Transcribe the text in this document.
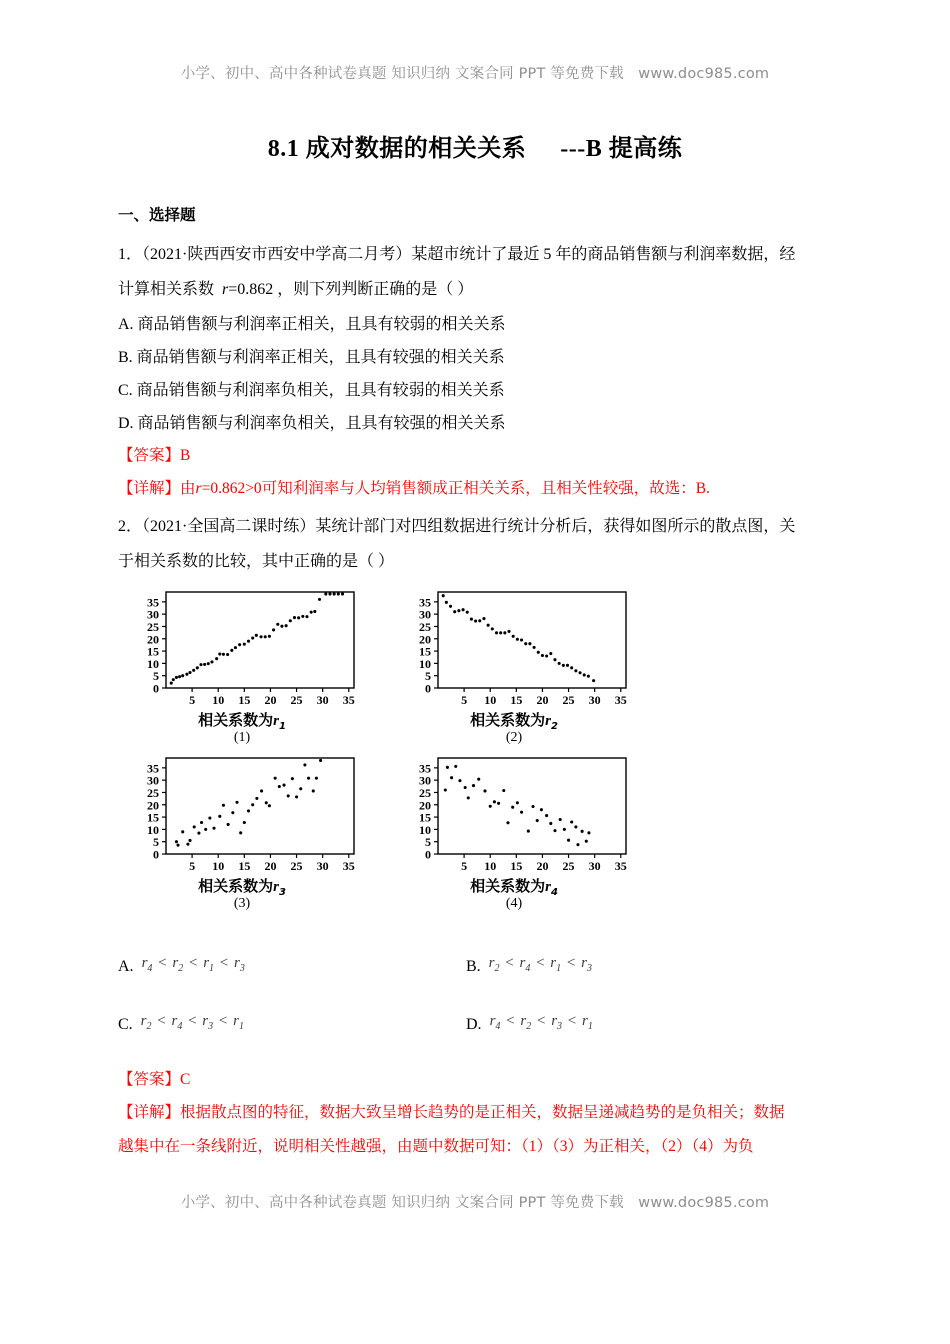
小学、初中、高中各种试卷真题 知识归纳 文案合同 PPT 等免费下载   www.doc985.com
8.1 成对数据的相关关系 ---B 提高练
一、选择题

1．（2021·陕西西安市西安中学高二月考）某超市统计了最近 5 年的商品销售额与利润率数据，经

计算相关系数 r=0.862 ，则下列判断正确的是（ ）

A. 商品销售额与利润率正相关，且具有较弱的相关关系

B. 商品销售额与利润率正相关，且具有较强的相关关系

C. 商品销售额与利润率负相关，且具有较弱的相关关系

D. 商品销售额与利润率负相关，且具有较强的相关关系

【答案】B

【详解】由r=0.862>0可知利润率与人均销售额成正相关关系，且相关性较强，故选：B.

2．（2021·全国高二课时练）某统计部门对四组数据进行统计分析后，获得如图所示的散点图，关

于相关系数的比较，其中正确的是（ ）

0
5
10
15
20
25
30
35
5 10 15 20 25 30 35
相关系数为$r_1$
(1)
0
5
10
15
20
25
30
35
5 10 15 20 25 30 35
相关系数为$r_2$
(2)
0
5
10
15
20
25
30
35
5 10 15 20 25 30 35
相关系数为$r_3$
(3)
0
5
10
15
20
25
30
35
5 10 15 20 25 30 35
相关系数为$r_4$
(4)
A. $r_4 < r_2 < r_1 < r_3$	B. $r_2 < r_4 < r_1 < r_3$
C. $r_2 < r_4 < r_3 < r_1$	D. $r_4 < r_2 < r_3 < r_1$

【答案】C

【详解】根据散点图的特征，数据大致呈增长趋势的是正相关，数据呈递减趋势的是负相关；数据

越集中在一条线附近，说明相关性越强，由题中数据可知：（1）（3）为正相关，（2）（4）为负

小学、初中、高中各种试卷真题 知识归纳 文案合同 PPT 等免费下载   www.doc985.com
